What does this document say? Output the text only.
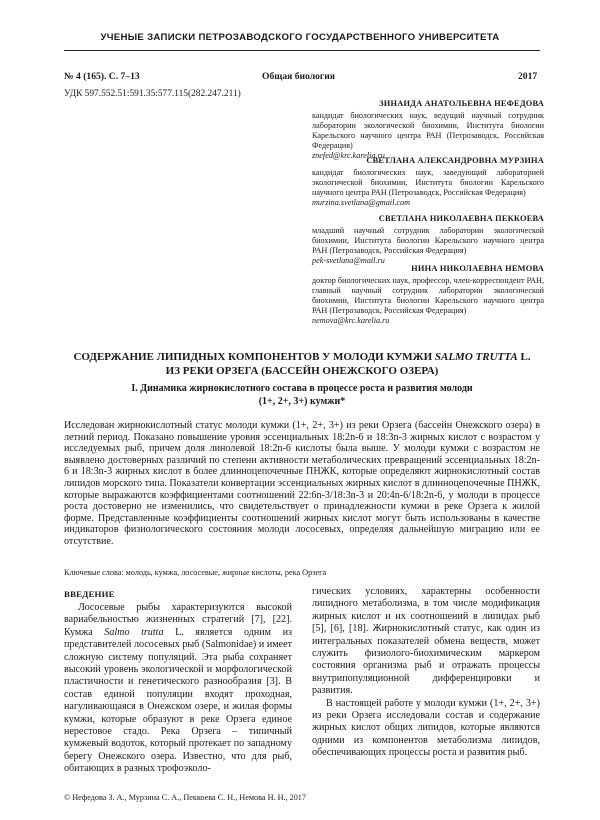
УЧЕНЫЕ ЗАПИСКИ ПЕТРОЗАВОДСКОГО ГОСУДАРСТВЕННОГО УНИВЕРСИТЕТА
№ 4 (165). С. 7–13	Общая биология	2017
УДК 597.552.51:591.35:577.115(282.247.211)
ЗИНАИДА АНАТОЛЬЕВНА НЕФЕДОВА
кандидат биологических наук, ведущий научный сотрудник лаборатории экологической биохимии, Института биологии Карельского научного центра РАН (Петрозаводск, Российская Федерация)
znefed@krc.karelia.ru
СВЕТЛАНА АЛЕКСАНДРОВНА МУРЗИНА
кандидат биологических наук, заведующий лабораторией экологической биохимии, Института биологии Карельского научного центра РАН (Петрозаводск, Российская Федерация)
murzina.svetlana@gmail.com
СВЕТЛАНА НИКОЛАЕВНА ПЕККОЕВА
младший научный сотрудник лаборатории экологической биохимии, Института биологии Карельского научного центра РАН (Петрозаводск, Российская Федерация)
pek-svetlana@mail.ru
НИНА НИКОЛАЕВНА НЕМОВА
доктор биологических наук, профессор, член-корреспондент РАН, главный научный сотрудник лаборатории экологической биохимии, Института биологии Карельского научного центра РАН (Петрозаводск, Российская Федерация)
nemova@krc.karelia.ru
СОДЕРЖАНИЕ ЛИПИДНЫХ КОМПОНЕНТОВ У МОЛОДИ КУМЖИ SALMO TRUTTA L.
ИЗ РЕКИ ОРЗЕГА (БАССЕЙН ОНЕЖСКОГО ОЗЕРА)
I. Динамика жирнокислотного состава в процессе роста и развития молоди
(1+, 2+, 3+) кумжи*

Исследован жирнокислотный статус молоди кумжи (1+, 2+, 3+) из реки Орзега (бассейн Онежского озера) в летний период. Показано повышение уровня эссенциальных 18:2n-6 и 18:3n-3 жирных кислот с возрастом у исследуемых рыб, причем доля линолевой 18:2n-6 кислоты была выше. У молоди кумжи с возрастом не выявлено достоверных различий по степени активности метаболических превращений эссенциальных 18:2n-6 и 18:3n-3 жирных кислот в более длинноцепочечные ПНЖК, которые определяют жирнокислотный состав липидов морского типа. Показатели конвертации эссенциальных жирных кислот в длинноцепочечные ПНЖК, которые выражаются коэффициентами соотношений 22:6n-3/18:3n-3 и 20:4n-6/18:2n-6, у молоди в процессе роста достоверно не изменились, что свидетельствует о принадлежности кумжи в реке Орзега к жилой форме. Представленные коэффициенты соотношений жирных кислот могут быть использованы в качестве индикаторов физиологического состояния молоди лососевых, определяя дальнейшую миграцию или ее отсутствие.

Ключевые слова: молодь, кумжа, лососевые, жирные кислоты, река Орзега
ВВЕДЕНИЕ

Лососевые рыбы характеризуются высокой вариабельностью жизненных стратегий [7], [22]. Кумжа Salmo trutta L. является одним из представителей лососевых рыб (Salmonidae) и имеет сложную систему популяций. Эта рыба сохраняет высокий уровень экологической и морфологической пластичности и генетического разнообразия [3]. В состав единой популяции входят проходная, нагуливающаяся в Онежском озере, и жилая формы кумжи, которые образуют в реке Орзега единое нерестовое стадо. Река Орзега – типичный кумжевый водоток, который протекает по западному берегу Онежского озера. Известно, что для рыб, обитающих в разных трофоэколо-

гических условиях, характерны особенности липидного метаболизма, в том числе модификация жирных кислот и их соотношений в липидах рыб [5], [6], [18]. Жирнокислотный статус, как один из интегральных показателей обмена веществ, может служить физиолого-биохимическим маркером состояния организма рыб и отражать процессы внутрипопуляционной дифференцировки и развития.

В настоящей работе у молоди кумжи (1+, 2+, 3+) из реки Орзега исследовали состав и содержание жирных кислот общих липидов, которые являются одними из компонентов метаболизма липидов, обеспечивающих процессы роста и развития рыб.

© Нефедова З. А., Мурзина С. А., Пеккоева С. Н., Немова Н. Н., 2017
